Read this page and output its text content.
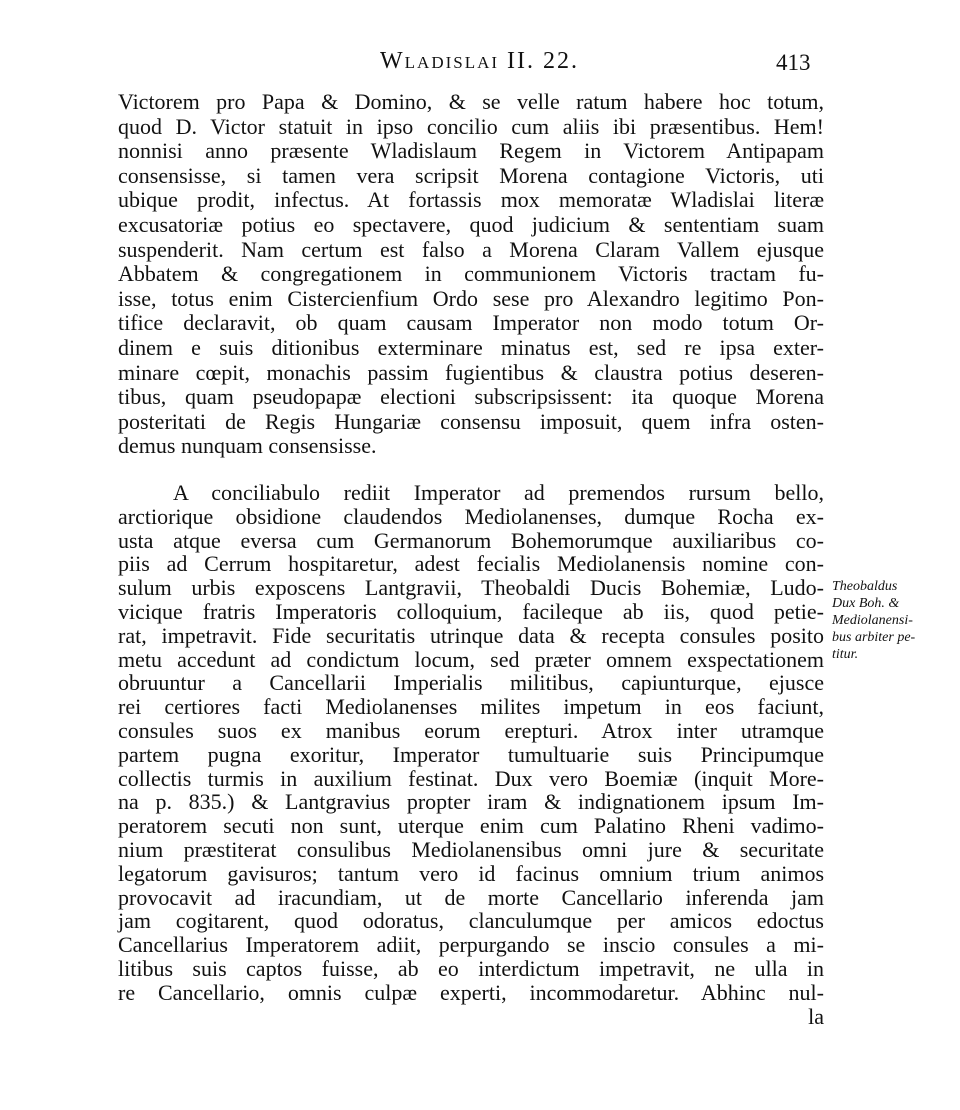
Wladislai II. 22.	413
Victorem pro Papa & Domino, & se velle ratum habere hoc totum,
quod D. Victor statuit in ipso concilio cum aliis ibi præsentibus. Hem!
nonnisi anno præsente Wladislaum Regem in Victorem Antipapam
consensisse, si tamen vera scripsit Morena contagione Victoris, uti
ubique prodit, infectus. At fortassis mox memoratæ Wladislai literæ
excusatoriæ potius eo spectavere, quod judicium & sententiam suam
suspenderit. Nam certum est falso a Morena Claram Vallem ejusque
Abbatem & congregationem in communionem Victoris tractam fu-
isse, totus enim Cistercienfium Ordo sese pro Alexandro legitimo Pon-
tifice declaravit, ob quam causam Imperator non modo totum Or-
dinem e suis ditionibus exterminare minatus est, sed re ipsa exter-
minare cœpit, monachis passim fugientibus & claustra potius deseren-
tibus, quam pseudopapæ electioni subscripsissent: ita quoque Morena
posteritati de Regis Hungariæ consensu imposuit, quem infra osten-
demus nunquam consensisse.
A conciliabulo rediit Imperator ad premendos rursum bello,
arctiorique obsidione claudendos Mediolanenses, dumque Rocha ex-
usta atque eversa cum Germanorum Bohemorumque auxiliaribus co-
piis ad Cerrum hospitaretur, adest fecialis Mediolanensis nomine con-
sulum urbis exposcens Lantgravii, Theobaldi Ducis Bohemiæ, Ludo-
vicique fratris Imperatoris colloquium, facileque ab iis, quod petie-
rat, impetravit. Fide securitatis utrinque data & recepta consules posito
metu accedunt ad condictum locum, sed præter omnem exspectationem
obruuntur a Cancellarii Imperialis militibus, capiunturque, ejusce
rei certiores facti Mediolanenses milites impetum in eos faciunt,
consules suos ex manibus eorum erepturi. Atrox inter utramque
partem pugna exoritur, Imperator tumultuarie suis Principumque
collectis turmis in auxilium festinat. Dux vero Boemiæ (inquit More-
na p. 835.) & Lantgravius propter iram & indignationem ipsum Im-
peratorem secuti non sunt, uterque enim cum Palatino Rheni vadimo-
nium præstiterat consulibus Mediolanensibus omni jure & securitate
legatorum gavisuros; tantum vero id facinus omnium trium animos
provocavit ad iracundiam, ut de morte Cancellario inferenda jam
jam cogitarent, quod odoratus, clanculumque per amicos edoctus
Cancellarius Imperatorem adiit, perpurgando se inscio consules a mi-
litibus suis captos fuisse, ab eo interdictum impetravit, ne ulla in
re Cancellario, omnis culpæ experti, incommodaretur. Abhinc nul-
la
Theobaldus
Dux Boh. &
Mediolanensi-
bus arbiter pe-
titur.
